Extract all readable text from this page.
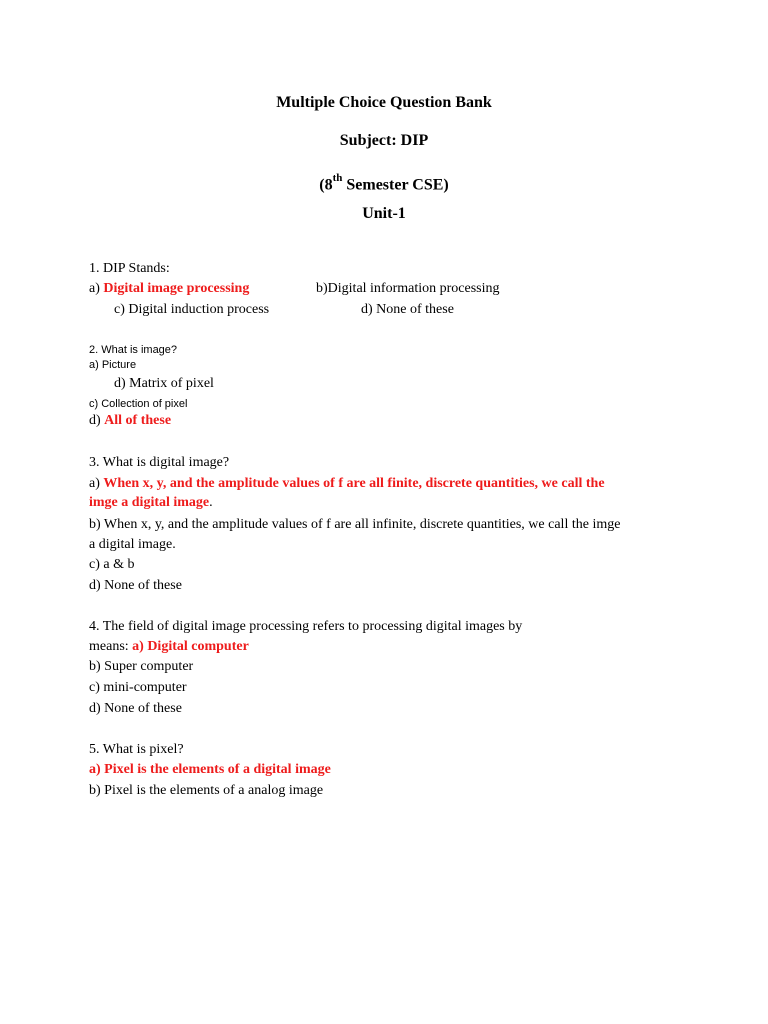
Multiple Choice Question Bank
Subject: DIP
(8th Semester CSE)
Unit-1
1. DIP Stands:
a) Digital image processing	b)Digital information processing
c) Digital induction process	d) None of these
2. What is image?
a) Picture
d) Matrix of pixel
c) Collection of pixel
d) All of these
3. What is digital image?
a) When x, y, and the amplitude values of f are all finite, discrete quantities, we call the
imge a digital image.
b) When x, y, and the amplitude values of f are all infinite, discrete quantities, we call the imge
a digital image.
c) a & b
d) None of these
4. The field of digital image processing refers to processing digital images by
means: a) Digital computer
b) Super computer
c) mini-computer
d) None of these
5. What is pixel?
a) Pixel is the elements of a digital image
b) Pixel is the elements of a analog image
